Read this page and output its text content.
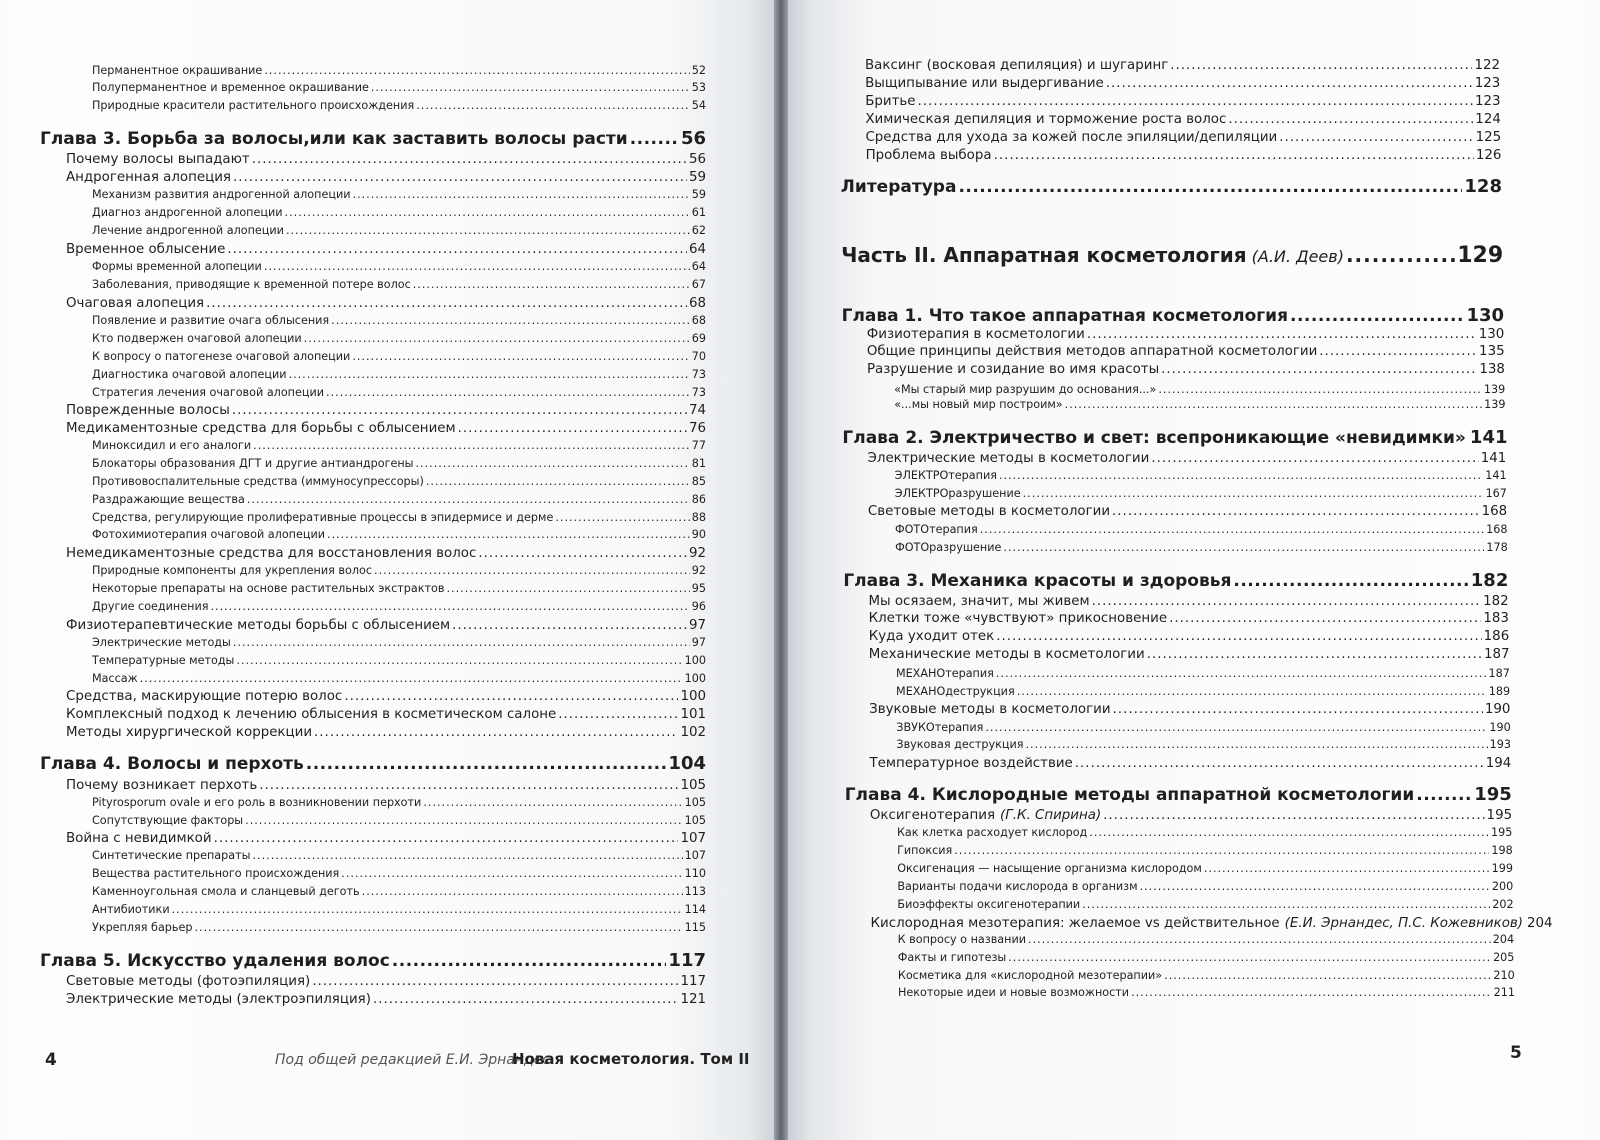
Перманентное окрашивание .....	52
Полуперманентное и временное окрашивание .....	53
Природные красители растительного происхождения .....	54
Глава 3. Борьба за волосы,или как заставить волосы расти .....	56
Почему волосы выпадают .....	56
Андрогенная алопеция .....	59
Механизм развития андрогенной алопеции .....	59
Диагноз андрогенной алопеции .....	61
Лечение андрогенной алопеции .....	62
Временное облысение .....	64
Формы временной алопеции .....	64
Заболевания, приводящие к временной потере волос .....	67
Очаговая алопеция .....	68
Появление и развитие очага облысения .....	68
Кто подвержен очаговой алопеции .....	69
К вопросу о патогенезе очаговой алопеции .....	70
Диагностика очаговой алопеции .....	73
Стратегия лечения очаговой алопеции .....	73
Поврежденные волосы .....	74
Медикаментозные средства для борьбы с облысением .....	76
Миноксидил и его аналоги .....	77
Блокаторы образования ДГТ и другие антиандрогены .....	81
Противовоспалительные средства (иммуносупрессоры) .....	85
Раздражающие вещества .....	86
Средства, регулирующие пролиферативные процессы в эпидермисе и дерме .....	88
Фотохимиотерапия очаговой алопеции .....	90
Немедикаментозные средства для восстановления волос .....	92
Природные компоненты для укрепления волос .....	92
Некоторые препараты на основе растительных экстрактов .....	95
Другие соединения .....	96
Физиотерапевтические методы борьбы с облысением .....	97
Электрические методы .....	97
Температурные методы .....	100
Массаж .....	100
Средства, маскирующие потерю волос .....	100
Комплексный подход к лечению облысения в косметическом салоне .....	101
Методы хирургической коррекции .....	102
Глава 4. Волосы и перхоть .....	104
Почему возникает перхоть .....	105
Pityrosporum ovale и его роль в возникновении перхоти .....	105
Сопутствующие факторы .....	105
Война с невидимкой .....	107
Синтетические препараты .....	107
Вещества растительного происхождения .....	110
Каменноугольная смола и сланцевый деготь .....	113
Антибиотики .....	114
Укрепляя барьер .....	115
Глава 5. Искусство удаления волос .....	117
Световые методы (фотоэпиляция) .....	117
Электрические методы (электроэпиляция) .....	121
Ваксинг (восковая депиляция) и шугаринг .....	122
Выщипывание или выдергивание .....	123
Бритье .....	123
Химическая депиляция и торможение роста волос .....	124
Средства для ухода за кожей после эпиляции/депиляции .....	125
Проблема выбора .....	126
Литература .....	128
Часть II. Аппаратная косметология (А.И. Деев) .....	129
Глава 1. Что такое аппаратная косметология .....	130
Физиотерапия в косметологии .....	130
Общие принципы действия методов аппаратной косметологии .....	135
Разрушение и созидание во имя красоты .....	138
«Мы старый мир разрушим до основания...» .....	139
«...мы новый мир построим» .....	139
Глава 2. Электричество и свет: всепроникающие «невидимки» 141
Электрические методы в косметологии .....	141
ЭЛЕКТРОтерапия .....	141
ЭЛЕКТРОразрушение .....	167
Световые методы в косметологии .....	168
ФОТОтерапия .....	168
ФОТОразрушение .....	178
Глава 3. Механика красоты и здоровья .....	182
Мы осязаем, значит, мы живем .....	182
Клетки тоже «чувствуют» прикосновение .....	183
Куда уходит отек .....	186
Механические методы в косметологии .....	187
МЕХАНОтерапия .....	187
МЕХАНОдеструкция .....	189
Звуковые методы в косметологии .....	190
ЗВУКОтерапия .....	190
Звуковая деструкция .....	193
Температурное воздействие .....	194
Глава 4. Кислородные методы аппаратной косметологии .....	195
Оксигенотерапия (Г.К. Спирина) .....	195
Как клетка расходует кислород .....	195
Гипоксия .....	198
Оксигенация — насыщение организма кислородом .....	199
Варианты подачи кислорода в организм .....	200
Биоэффекты оксигенотерапии .....	202
Кислородная мезотерапия: желаемое vs действительное (Е.И. Эрнандес, П.С. Кожевников) 204
К вопросу о названии .....	204
Факты и гипотезы .....	205
Косметика для «кислородной мезотерапии» .....	210
Некоторые идеи и новые возможности .....	211
4	Под общей редакцией Е.И. Эрнандес
Новая косметология. Том II	5
